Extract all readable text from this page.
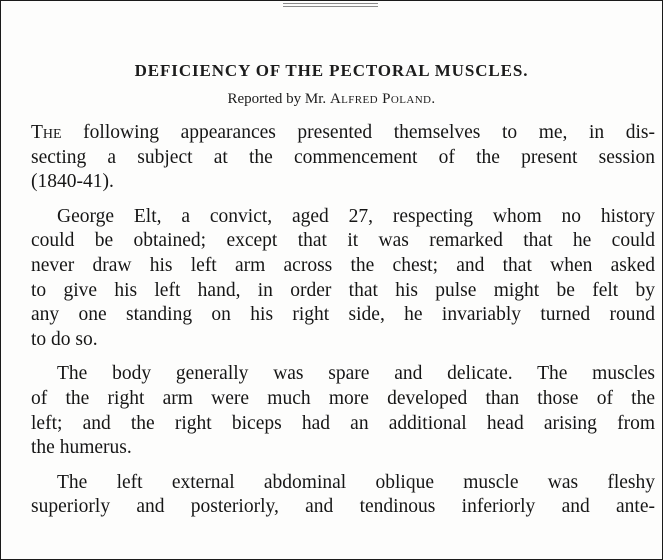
DEFICIENCY OF THE PECTORAL MUSCLES.

Reported by Mr. Alfred Poland.

The following appearances presented themselves to me, in dis-
secting a subject at the commencement of the present session
(1840-41).

George Elt, a convict, aged 27, respecting whom no history
could be obtained; except that it was remarked that he could
never draw his left arm across the chest; and that when asked
to give his left hand, in order that his pulse might be felt by
any one standing on his right side, he invariably turned round
to do so.

The body generally was spare and delicate. The muscles
of the right arm were much more developed than those of the
left; and the right biceps had an additional head arising from
the humerus.

The left external abdominal oblique muscle was fleshy
superiorly and posteriorly, and tendinous inferiorly and ante-
